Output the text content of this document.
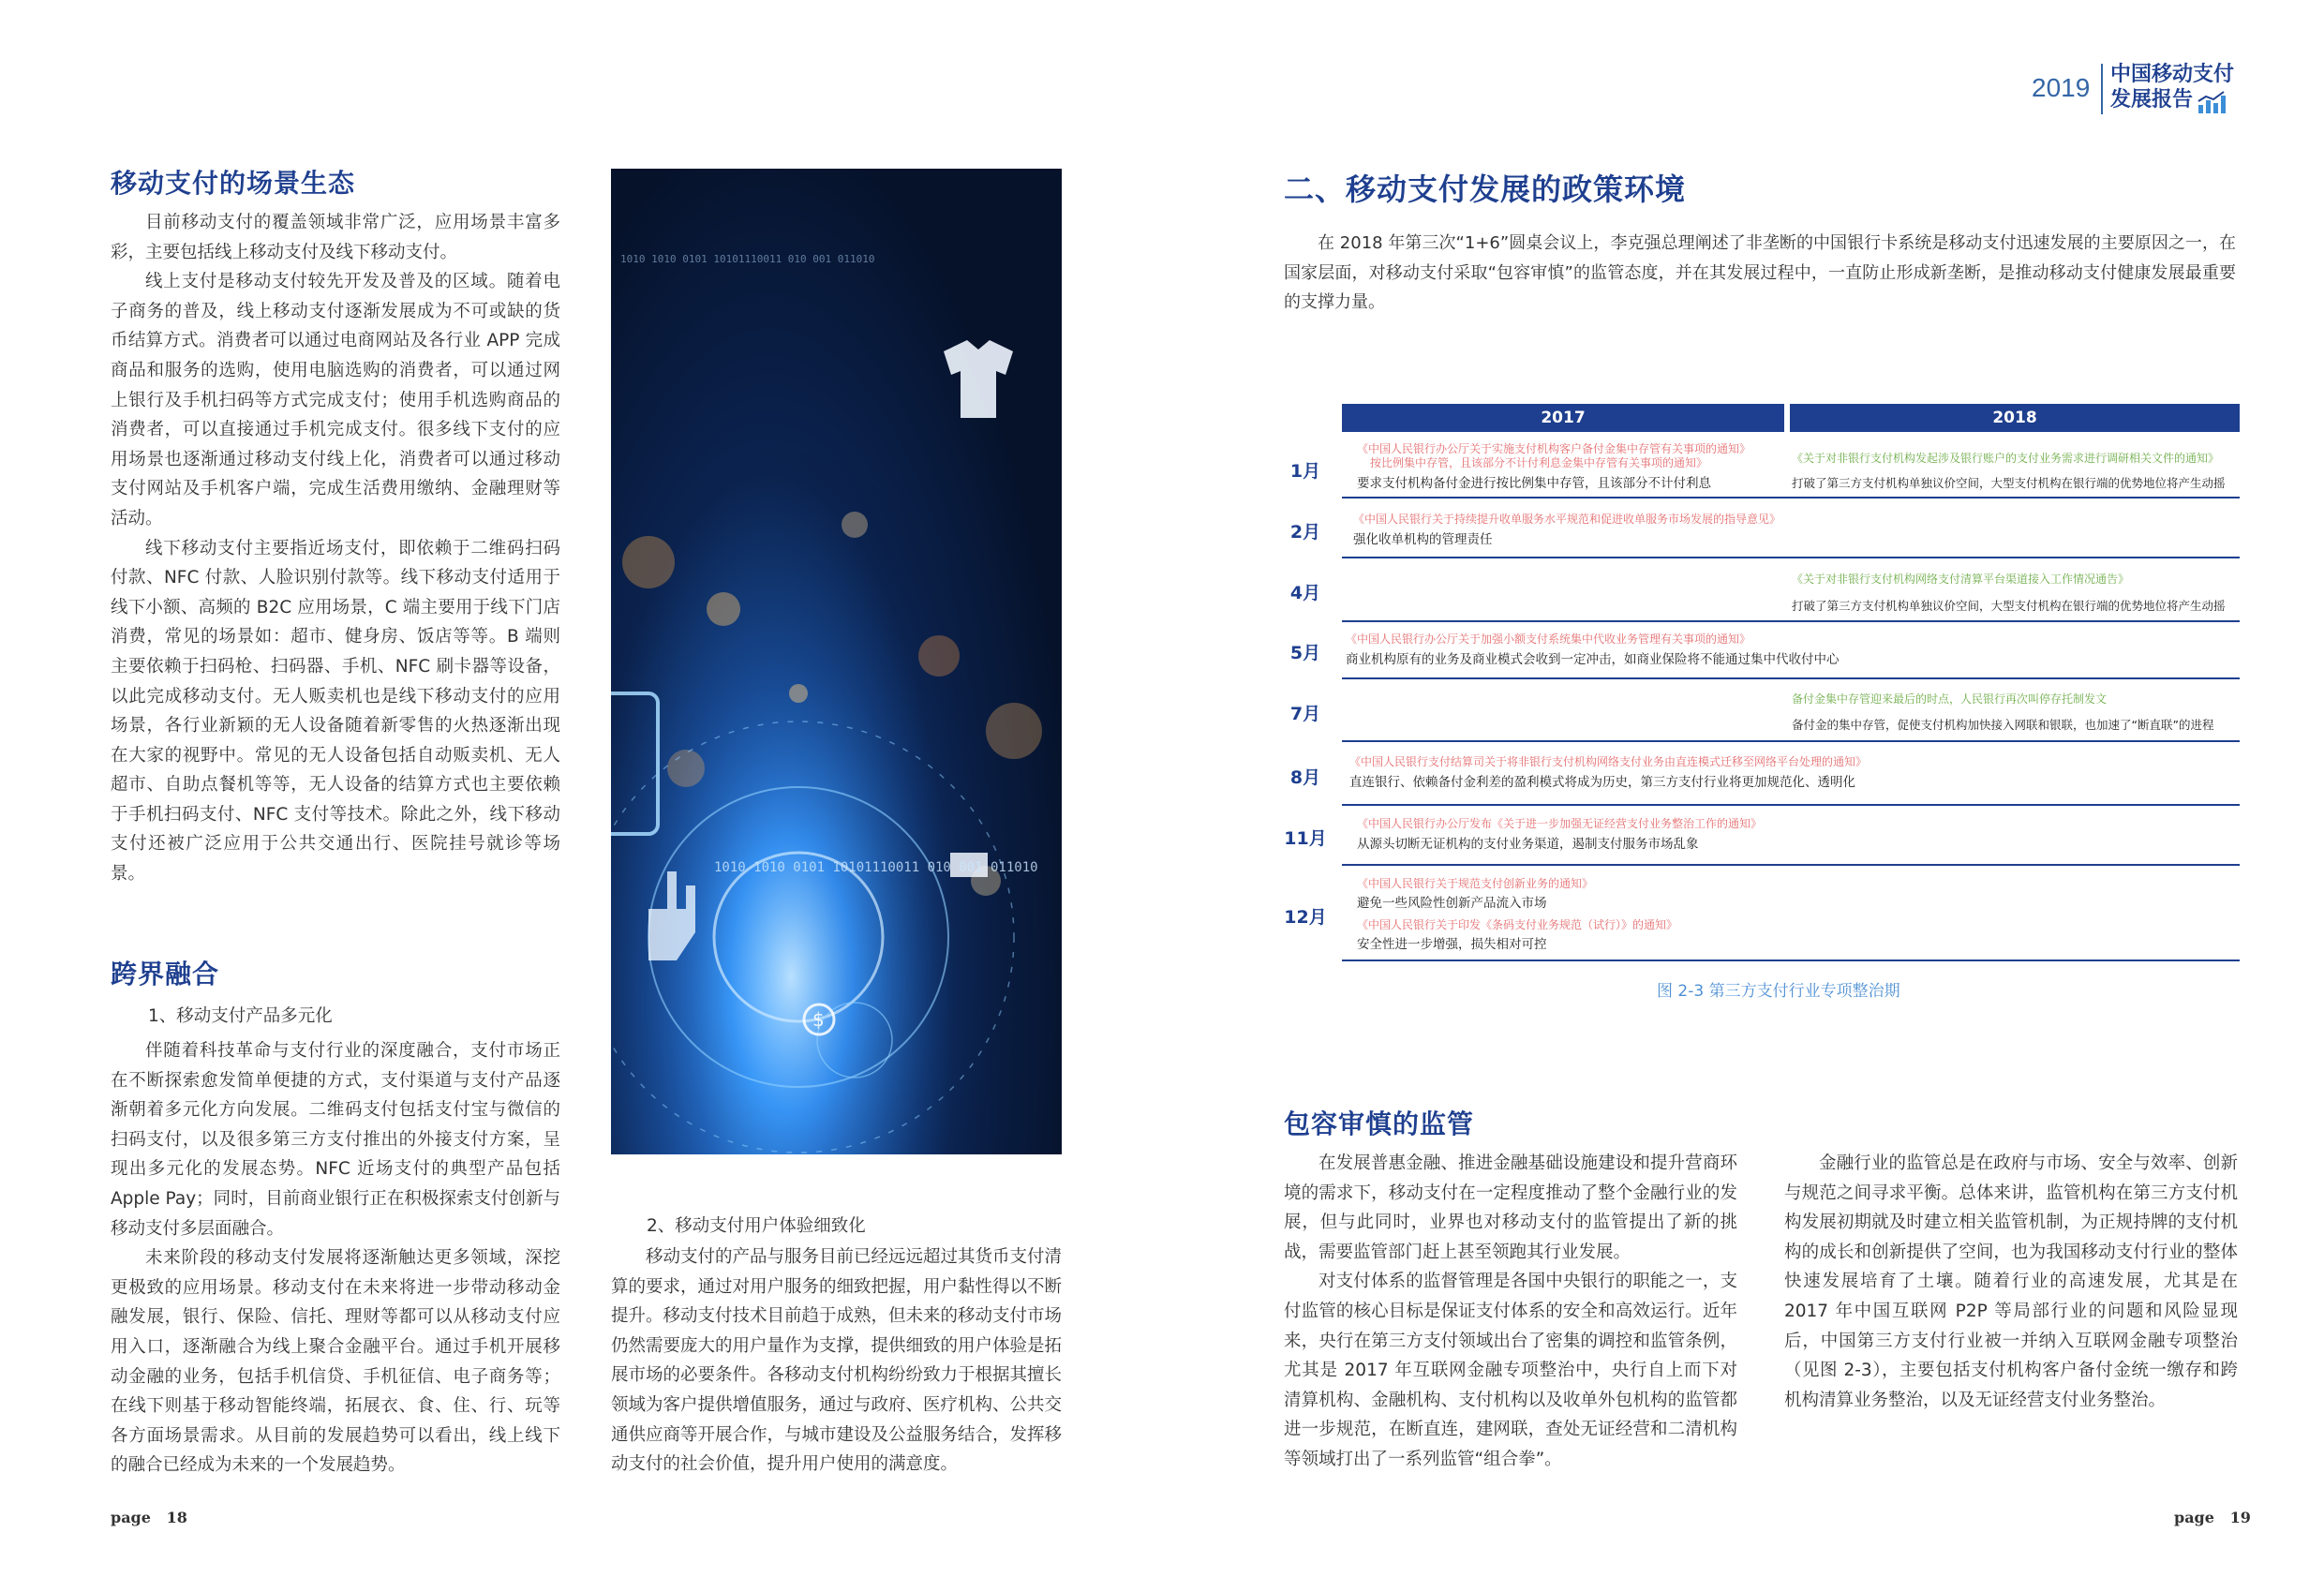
2019 中国移动支付
发展报告
移动支付的场景生态

目前移动支付的覆盖领域非常广泛，应用场景丰富多彩，主要包括线上移动支付及线下移动支付。

线上支付是移动支付较先开发及普及的区域。随着电子商务的普及，线上移动支付逐渐发展成为不可或缺的货币结算方式。消费者可以通过电商网站及各行业 APP 完成商品和服务的选购，使用电脑选购的消费者，可以通过网上银行及手机扫码等方式完成支付；使用手机选购商品的消费者，可以直接通过手机完成支付。很多线下支付的应用场景也逐渐通过移动支付线上化，消费者可以通过移动支付网站及手机客户端，完成生活费用缴纳、金融理财等活动。

线下移动支付主要指近场支付，即依赖于二维码扫码付款、NFC 付款、人脸识别付款等。线下移动支付适用于线下小额、高频的 B2C 应用场景，C 端主要用于线下门店消费，常见的场景如：超市、健身房、饭店等等。B 端则主要依赖于扫码枪、扫码器、手机、NFC 刷卡器等设备，以此完成移动支付。无人贩卖机也是线下移动支付的应用场景，各行业新颖的无人设备随着新零售的火热逐渐出现在大家的视野中。常见的无人设备包括自动贩卖机、无人超市、自助点餐机等等，无人设备的结算方式也主要依赖于手机扫码支付、NFC 支付等技术。除此之外，线下移动支付还被广泛应用于公共交通出行、医院挂号就诊等场景。

跨界融合
1、移动支付产品多元化

伴随着科技革命与支付行业的深度融合，支付市场正在不断探索愈发简单便捷的方式，支付渠道与支付产品逐渐朝着多元化方向发展。二维码支付包括支付宝与微信的扫码支付，以及很多第三方支付推出的外接支付方案，呈现出多元化的发展态势。NFC 近场支付的典型产品包括 Apple Pay；同时，目前商业银行正在积极探索支付创新与移动支付多层面融合。

未来阶段的移动支付发展将逐渐触达更多领域，深挖更极致的应用场景。移动支付在未来将进一步带动移动金融发展，银行、保险、信托、理财等都可以从移动支付应用入口，逐渐融合为线上聚合金融平台。通过手机开展移动金融的业务，包括手机信贷、手机征信、电子商务等；在线下则基于移动智能终端，拓展衣、食、住、行、玩等各方面场景需求。从目前的发展趋势可以看出，线上线下的融合已经成为未来的一个发展趋势。

$
1010 1010 0101 10101110011 010 001 011010
1010 1010 0101 10101110011 010 001 011010
2、移动支付用户体验细致化

移动支付的产品与服务目前已经远远超过其货币支付清算的要求，通过对用户服务的细致把握，用户黏性得以不断提升。移动支付技术目前趋于成熟，但未来的移动支付市场仍然需要庞大的用户量作为支撑，提供细致的用户体验是拓展市场的必要条件。各移动支付机构纷纷致力于根据其擅长领域为客户提供增值服务，通过与政府、医疗机构、公共交通供应商等开展合作，与城市建设及公益服务结合，发挥移动支付的社会价值，提升用户使用的满意度。

page 18
二、移动支付发展的政策环境

在 2018 年第三次“1+6”圆桌会议上，李克强总理阐述了非垄断的中国银行卡系统是移动支付迅速发展的主要原因之一，在国家层面，对移动支付采取“包容审慎”的监管态度，并在其发展过程中，一直防止形成新垄断，是推动移动支付健康发展最重要的支撑力量。

2017	2018
1月
《中国人民银行办公厅关于实施支付机构客户备付金集中存管有关事项的通知》
按比例集中存管，且该部分不计付利息金集中存管有关事项的通知》
要求支付机构备付金进行按比例集中存管，且该部分不计付利息
《关于对非银行支付机构发起涉及银行账户的支付业务需求进行调研相关文件的通知》
打破了第三方支付机构单独议价空间，大型支付机构在银行端的优势地位将产生动摇
2月
《中国人民银行关于持续提升收单服务水平规范和促进收单服务市场发展的指导意见》
强化收单机构的管理责任
4月
《关于对非银行支付机构网络支付清算平台渠道接入工作情况通告》
打破了第三方支付机构单独议价空间，大型支付机构在银行端的优势地位将产生动摇
5月
《中国人民银行办公厅关于加强小额支付系统集中代收业务管理有关事项的通知》
商业机构原有的业务及商业模式会收到一定冲击，如商业保险将不能通过集中代收付中心
7月
备付金集中存管迎来最后的时点，人民银行再次叫停存托制发文
备付金的集中存管，促使支付机构加快接入网联和银联，也加速了“断直联”的进程
8月
《中国人民银行支付结算司关于将非银行支付机构网络支付业务由直连模式迁移至网络平台处理的通知》
直连银行、依赖备付金利差的盈利模式将成为历史，第三方支付行业将更加规范化、透明化
11月
《中国人民银行办公厅发布《关于进一步加强无证经营支付业务整治工作的通知》
从源头切断无证机构的支付业务渠道，遏制支付服务市场乱象
12月
《中国人民银行关于规范支付创新业务的通知》
避免一些风险性创新产品流入市场
《中国人民银行关于印发《条码支付业务规范（试行）》的通知》
安全性进一步增强，损失相对可控
图 2-3 第三方支付行业专项整治期
包容审慎的监管

在发展普惠金融、推进金融基础设施建设和提升营商环境的需求下，移动支付在一定程度推动了整个金融行业的发展，但与此同时，业界也对移动支付的监管提出了新的挑战，需要监管部门赶上甚至领跑其行业发展。

对支付体系的监督管理是各国中央银行的职能之一，支付监管的核心目标是保证支付体系的安全和高效运行。近年来，央行在第三方支付领域出台了密集的调控和监管条例，尤其是 2017 年互联网金融专项整治中，央行自上而下对清算机构、金融机构、支付机构以及收单外包机构的监管都进一步规范，在断直连，建网联，查处无证经营和二清机构等领域打出了一系列监管“组合拳”。

金融行业的监管总是在政府与市场、安全与效率、创新与规范之间寻求平衡。总体来讲，监管机构在第三方支付机构发展初期就及时建立相关监管机制，为正规持牌的支付机构的成长和创新提供了空间，也为我国移动支付行业的整体快速发展培育了土壤。随着行业的高速发展，尤其是在 2017 年中国互联网 P2P 等局部行业的问题和风险显现后，中国第三方支付行业被一并纳入互联网金融专项整治（见图 2-3），主要包括支付机构客户备付金统一缴存和跨机构清算业务整治，以及无证经营支付业务整治。

page 19
